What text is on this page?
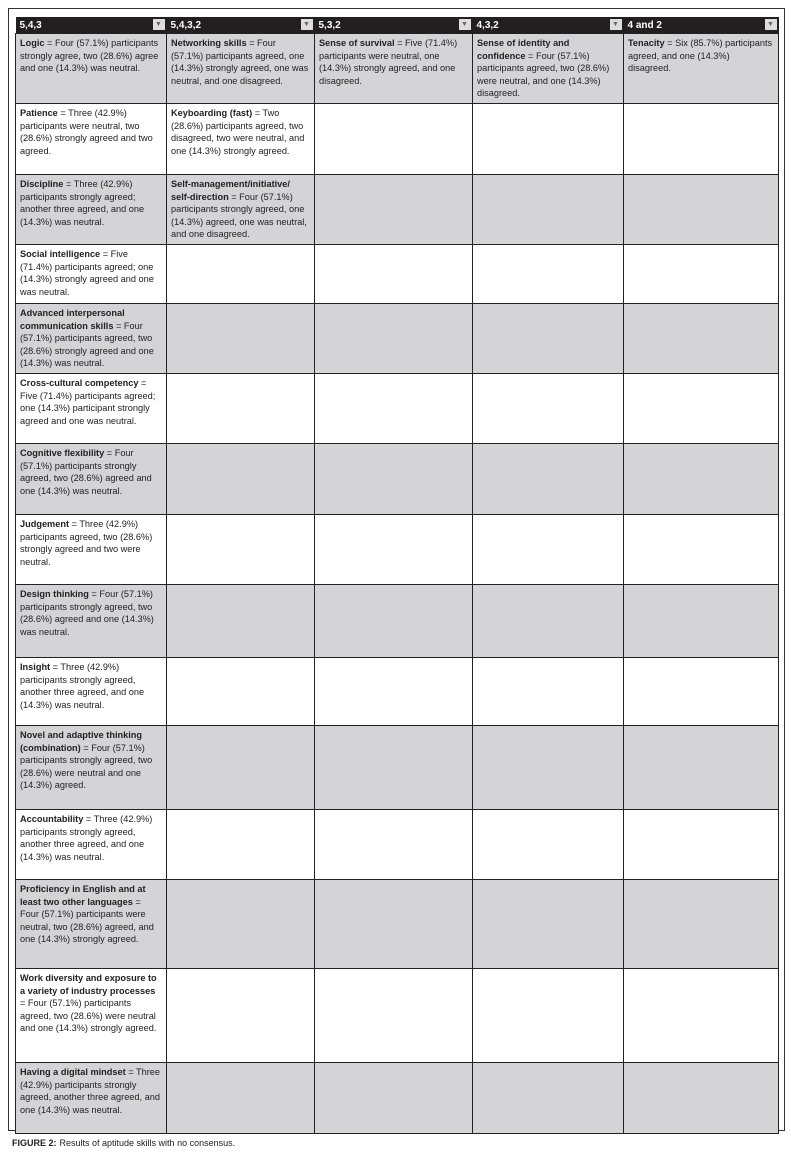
5,4,3 ▼	5,4,3,2 ▼	5,3,2 ▼	4,3,2 ▼	4 and 2 ▼

Logic = Four (57.1%) participants strongly agree, two (28.6%) agree and one (14.3%) was neutral.	Networking skills = Four (57.1%) participants agreed, one (14.3%) strongly agreed, one was neutral, and one disagreed.	Sense of survival = Five (71.4%) participants were neutral, one (14.3%) strongly agreed, and one disagreed.	Sense of identity and confidence = Four (57.1%) participants agreed, two (28.6%) were neutral, and one (14.3%) disagreed.	Tenacity = Six (85.7%) participants agreed, and one (14.3%) disagreed.
Patience = Three (42.9%) participants were neutral, two (28.6%) strongly agreed and two agreed.	Keyboarding (fast) = Two (28.6%) participants agreed, two disagreed, two were neutral, and one (14.3%) strongly agreed.			
Discipline = Three (42.9%) participants strongly agreed; another three agreed, and one (14.3%) was neutral.	Self-management/initiative/ self-direction = Four (57.1%) participants strongly agreed, one (14.3%) agreed, one was neutral, and one disagreed.			
Social intelligence = Five (71.4%) participants agreed; one (14.3%) strongly agreed and one was neutral.				
Advanced interpersonal communication skills = Four (57.1%) participants agreed, two (28.6%) strongly agreed and one (14.3%) was neutral.				
Cross-cultural competency = Five (71.4%) participants agreed; one (14.3%) participant strongly agreed and one was neutral.				
Cognitive flexibility = Four (57.1%) participants strongly agreed, two (28.6%) agreed and one (14.3%) was neutral.				
Judgement = Three (42.9%) participants agreed, two (28.6%) strongly agreed and two were neutral.				
Design thinking = Four (57.1%) participants strongly agreed, two (28.6%) agreed and one (14.3%) was neutral.				
Insight = Three (42.9%) participants strongly agreed, another three agreed, and one (14.3%) was neutral.				
Novel and adaptive thinking (combination) = Four (57.1%) participants strongly agreed, two (28.6%) were neutral and one (14.3%) agreed.				
Accountability = Three (42.9%) participants strongly agreed, another three agreed, and one (14.3%) was neutral.				
Proficiency in English and at least two other languages = Four (57.1%) participants were neutral, two (28.6%) agreed, and one (14.3%) strongly agreed.				
Work diversity and exposure to a variety of industry processes = Four (57.1%) participants agreed, two (28.6%) were neutral and one (14.3%) strongly agreed.				
Having a digital mindset = Three (42.9%) participants strongly agreed, another three agreed, and one (14.3%) was neutral.				
FIGURE 2: Results of aptitude skills with no consensus.
